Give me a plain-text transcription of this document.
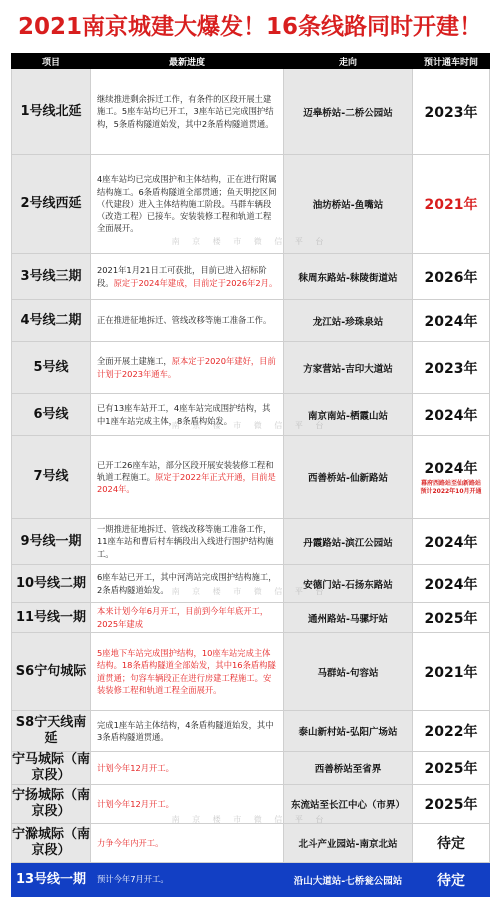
2021南京城建大爆发！16条线路同时开建！
项目	最新进度	走向	预计通车时间
1号线北延	继续推进剩余拆迁工作，有条件的区段开展土建施工。5座车站均已开工，3座车站已完成围护结构，5条盾构隧道始发，其中2条盾构隧道贯通。	迈皋桥站-二桥公园站	2023年
2号线西延	4座车站均已完成围护和主体结构，正在进行附属结构施工。6条盾构隧道全部贯通；鱼天明挖区间（代建段）进入主体结构施工阶段。马群车辆段（改造工程）已接车。安装装修工程和轨道工程全面展开。	油坊桥站-鱼嘴站	2021年
3号线三期	2021年1月21日工可获批，目前已进入招标阶段。原定于2024年建成，目前定于2026年2月。	秣周东路站-秣陵街道站	2026年
4号线二期	正在推进征地拆迁、管线改移等施工准备工作。	龙江站-珍珠泉站	2024年
5号线	全面开展土建施工，原本定于2020年建好，目前计划于2023年通车。	方家营站-吉印大道站	2023年
6号线	已有13座车站开工，4座车站完成围护结构，其中1座车站完成主体，8条盾构始发。	南京南站-栖霞山站	2024年
7号线	已开工26座车站，部分区段开展安装装修工程和轨道工程施工。原定于2022年正式开通，目前是2024年。	西善桥站-仙新路站	2024年
幕府西路站至仙新路站
预计2022年10月开通

9号线一期	一期推进征地拆迁、管线改移等施工准备工作，11座车站和曹后村车辆段出入线进行围护结构施工。	丹霞路站-滨江公园站	2024年
10号线二期	6座车站已开工，其中河湾站完成围护结构施工，2条盾构隧道始发。	安德门站-石扬东路站	2024年
11号线一期	本来计划今年6月开工，目前到今年年底开工，2025年建成	通州路站-马骡圩站	2025年
S6宁句城际	5座地下车站完成围护结构，10座车站完成主体结构。18条盾构隧道全部始发，其中16条盾构隧道贯通；句容车辆段正在进行房建工程施工。安装装修工程和轨道工程全面展开。	马群站-句容站	2021年
S8宁天线南延	完成1座车站主体结构，4条盾构隧道始发，其中3条盾构隧道贯通。	泰山新村站-弘阳广场站	2022年
宁马城际（南京段）	计划今年12月开工。	西善桥站至省界	2025年
宁扬城际（南京段）	计划今年12月开工。	东流站至长江中心（市界）	2025年
宁滁城际（南京段）	力争今年内开工。	北斗产业园站-南京北站	待定
13号线一期	预计今年7月开工。	沿山大道站-七桥瓮公园站	待定
南 京 楼 市 微 信 平 台
南 京 楼 市 微 信 平 台
南 京 楼 市 微 信 平 台
南 京 楼 市 微 信 平 台
